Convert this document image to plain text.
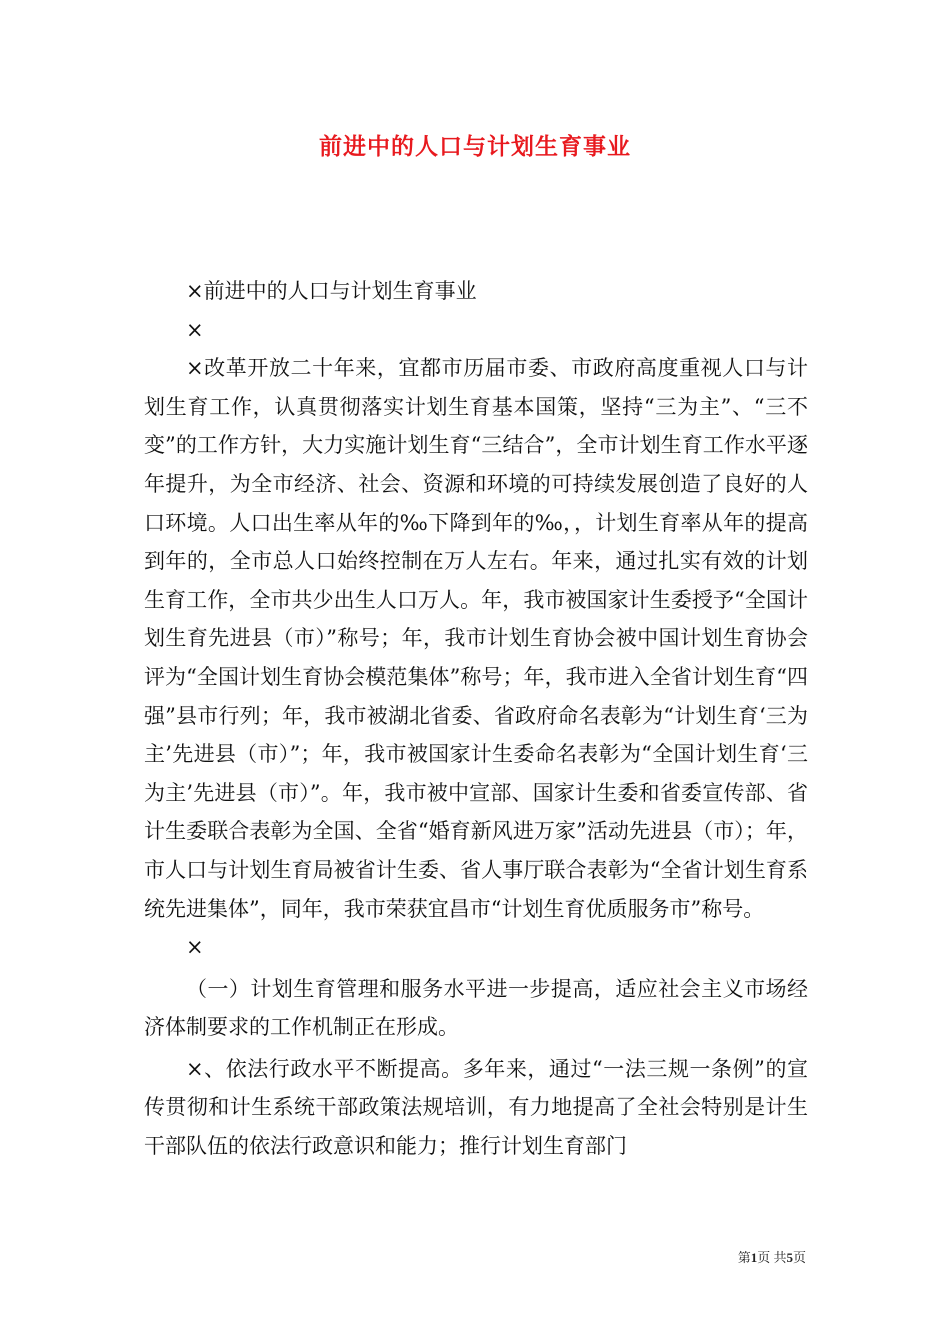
前进中的人口与计划生育事业

×前进中的人口与计划生育事业

×

×改革开放二十年来，宜都市历届市委、市政府高度重视人口与计划生育工作，认真贯彻落实计划生育基本国策，坚持“三为主”、“三不变”的工作方针，大力实施计划生育“三结合”，全市计划生育工作水平逐年提升，为全市经济、社会、资源和环境的可持续发展创造了良好的人口环境。人口出生率从年的‰下降到年的‰，，计划生育率从年的提高到年的，全市总人口始终控制在万人左右。年来，通过扎实有效的计划生育工作，全市共少出生人口万人。年，我市被国家计生委授予“全国计划生育先进县（市）”称号；年，我市计划生育协会被中国计划生育协会评为“全国计划生育协会模范集体”称号；年，我市进入全省计划生育“四强”县市行列；年，我市被湖北省委、省政府命名表彰为“计划生育‘三为主’先进县（市）”；年，我市被国家计生委命名表彰为“全国计划生育‘三为主’先进县（市）”。年，我市被中宣部、国家计生委和省委宣传部、省计生委联合表彰为全国、全省“婚育新风进万家”活动先进县（市）；年，市人口与计划生育局被省计生委、省人事厅联合表彰为“全省计划生育系统先进集体”，同年，我市荣获宜昌市“计划生育优质服务市”称号。

×

（一）计划生育管理和服务水平进一步提高，适应社会主义市场经济体制要求的工作机制正在形成。

×、依法行政水平不断提高。多年来，通过“一法三规一条例”的宣传贯彻和计生系统干部政策法规培训，有力地提高了全社会特别是计生干部队伍的依法行政意识和能力；推行计划生育部门

第1页 共5页
